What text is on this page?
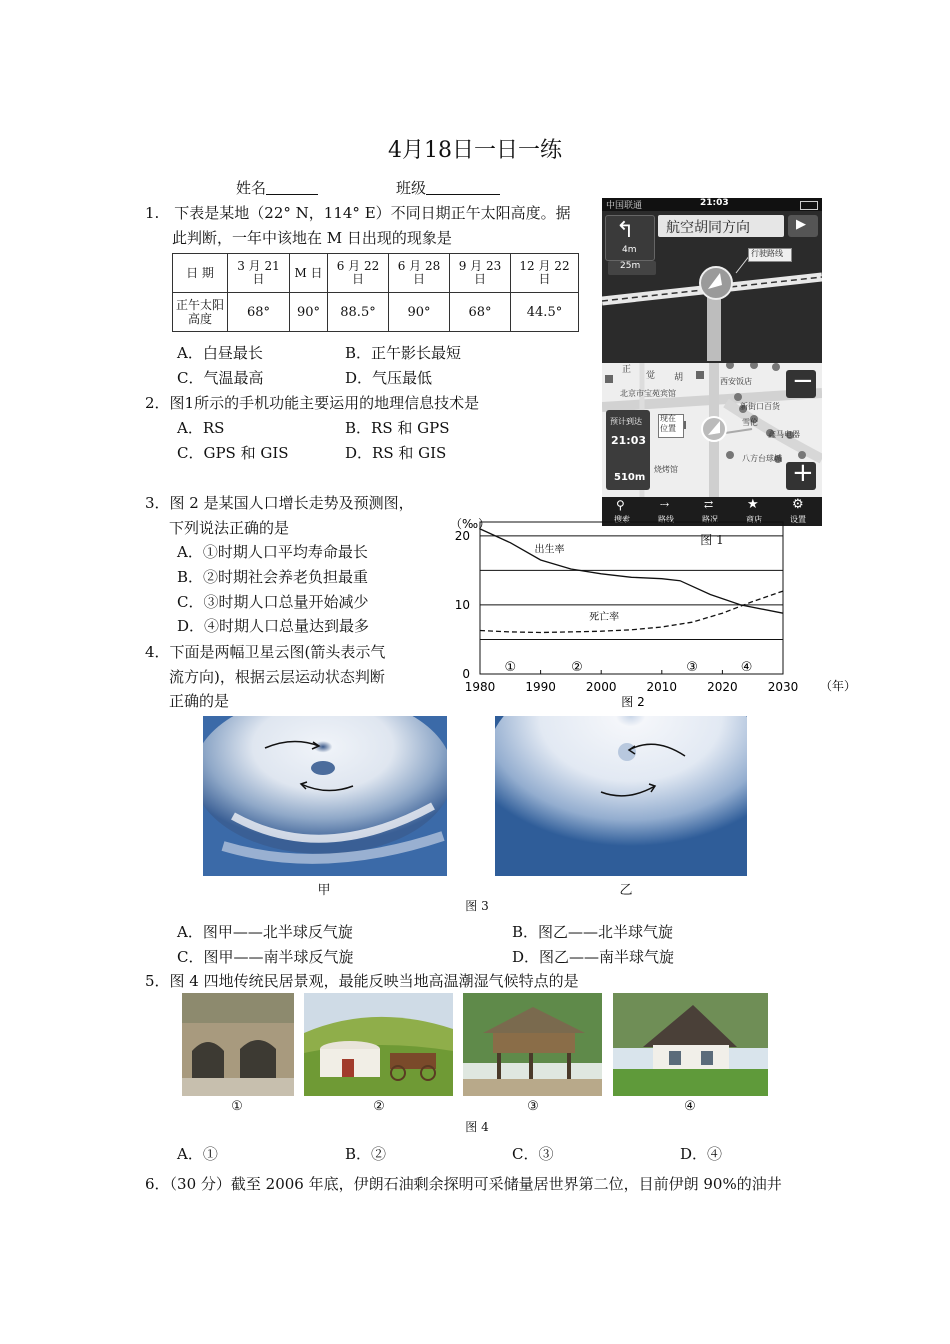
4月18日一日一练
姓名	班级
1.　下表是某地（22° N，114° E）不同日期正午太阳高度。据
此判断，一年中该地在 M 日出现的现象是
日 期	3 月 21 日	M 日	6 月 22 日	6 月 28 日	9 月 23 日	12 月 22 日
正午太阳高度	68°	90°	88.5°	90°	68°	44.5°
A．白昼最长	B．正午影长最短
C．气温最高	D．气压最低
2．图1所示的手机功能主要运用的地理信息技术是
A．RS	B．RS 和 GPS
C．GPS 和 GIS	D．RS 和 GIS
中国联通	21:03
↰
4m
航空胡同方向	▶
25m
行驶路线
正
觉 胡	西安饭店
北京市宝苑宾馆
新街口百货
雪伦
鑫马电器
八方台球城
烧烤馆
现在位置
预计到达
21:03
510m
−
+
⚲
搜索
⇢
路线
⇄
路况
★
商店
⚙
设置
图 1
3．图 2 是某国人口增长走势及预测图，
下列说法正确的是
A．①时期人口平均寿命最长
B．②时期社会养老负担最重
C．③时期人口总量开始减少
D．④时期人口总量达到最多
（‰）
（年）
图 2
0
10
20
1980	1990	2000	2010	2020	2030
出生率
死亡率
①	②	③	④
4．下面是两幅卫星云图(箭头表示气
流方向)，根据云层运动状态判断
正确的是
甲	乙
图 3
A．图甲——北半球反气旋	B．图乙——北半球气旋
C．图甲——南半球反气旋	D．图乙——南半球气旋
5．图 4 四地传统民居景观，最能反映当地高温潮湿气候特点的是
①	②	③	④
图 4
A．①	B．②	C．③	D．④
6．（30 分）截至 2006 年底，伊朗石油剩余探明可采储量居世界第二位，目前伊朗 90%的油井
